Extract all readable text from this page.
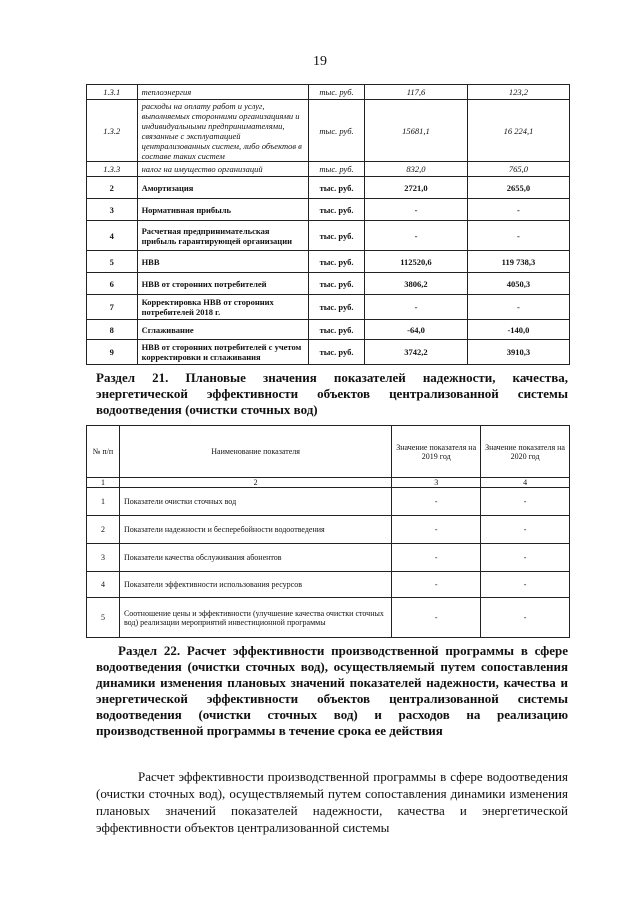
19
1.3.1	теплоэнергия	тыс. руб.	117,6	123,2
1.3.2	расходы на оплату работ и услуг, выполняемых сторонними организациями и индивидуальными предпринимателями, связанные с эксплуатацией централизованных систем, либо объектов в составе таких систем	тыс. руб.	15681,1	16 224,1
1.3.3	налог на имущество организаций	тыс. руб.	832,0	765,0
2	Амортизация	тыс. руб.	2721,0	2655,0
3	Нормативная прибыль	тыс. руб.	-	-
4	Расчетная предпринимательская прибыль гарантирующей организации	тыс. руб.	-	-
5	НВВ	тыс. руб.	112520,6	119 738,3
6	НВВ от сторонних потребителей	тыс. руб.	3806,2	4050,3
7	Корректировка НВВ от сторонних потребителей 2018 г.	тыс. руб.	-	-
8	Сглаживание	тыс. руб.	-64,0	-140,0
9	НВВ от сторонних потребителей с учетом корректировки и сглаживания	тыс. руб.	3742,2	3910,3
Раздел 21. Плановые значения показателей надежности, качества, энергетической эффективности объектов централизованной системы водоотведения (очистки сточных вод)
№ п/п	Наименование показателя	Значение показателя на 2019 год	Значение показателя на 2020 год
1	2	3	4
1	Показатели очистки сточных вод	-	-
2	Показатели надежности и бесперебойности водоотведения	-	-
3	Показатели качества обслуживания абонентов	-	-
4	Показатели эффективности использования ресурсов	-	-
5	Соотношение цены и эффективности (улучшение качества очистки сточных вод) реализации мероприятий инвестиционной программы	-	-
Раздел 22. Расчет эффективности производственной программы в сфере водоотведения (очистки сточных вод), осуществляемый путем сопоставления динамики изменения плановых значений показателей надежности, качества и энергетической эффективности объектов централизованной системы водоотведения (очистки сточных вод) и расходов на реализацию производственной программы в течение срока ее действия
Расчет эффективности производственной программы в сфере водоотведения (очистки сточных вод), осуществляемый путем сопоставления динамики изменения плановых значений показателей надежности, качества и энергетической эффективности объектов централизованной системы
